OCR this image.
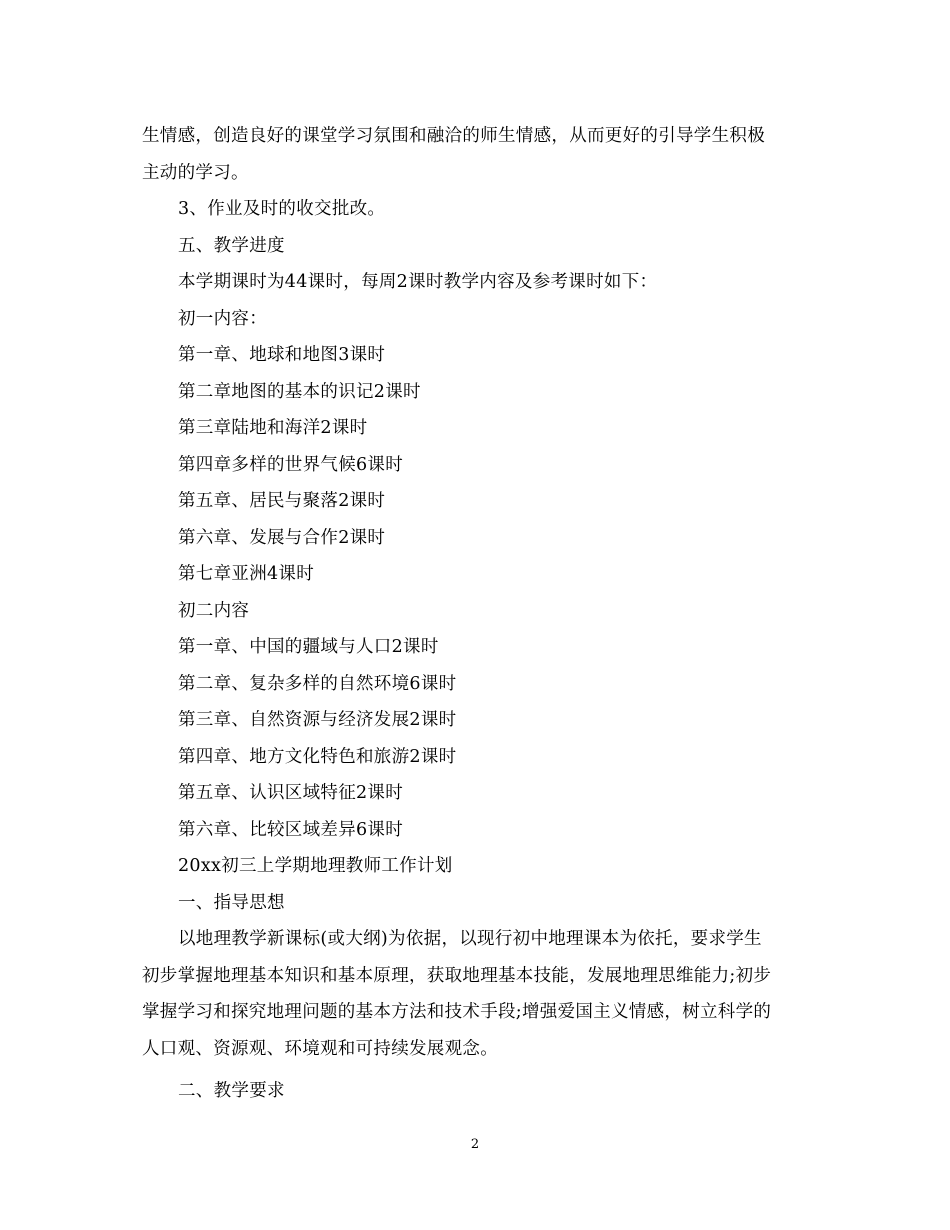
生情感，创造良好的课堂学习氛围和融洽的师生情感，从而更好的引导学生积极
主动的学习。
3、作业及时的收交批改。
五、教学进度
本学期课时为44课时，每周2课时教学内容及参考课时如下：
初一内容：
第一章、地球和地图3课时
第二章地图的基本的识记2课时
第三章陆地和海洋2课时
第四章多样的世界气候6课时
第五章、居民与聚落2课时
第六章、发展与合作2课时
第七章亚洲4课时
初二内容
第一章、中国的疆域与人口2课时
第二章、复杂多样的自然环境6课时
第三章、自然资源与经济发展2课时
第四章、地方文化特色和旅游2课时
第五章、认识区域特征2课时
第六章、比较区域差异6课时
20xx初三上学期地理教师工作计划
一、指导思想
以地理教学新课标(或大纲)为依据，以现行初中地理课本为依托，要求学生
初步掌握地理基本知识和基本原理，获取地理基本技能，发展地理思维能力;初步
掌握学习和探究地理问题的基本方法和技术手段;增强爱国主义情感，树立科学的
人口观、资源观、环境观和可持续发展观念。
二、教学要求
2
